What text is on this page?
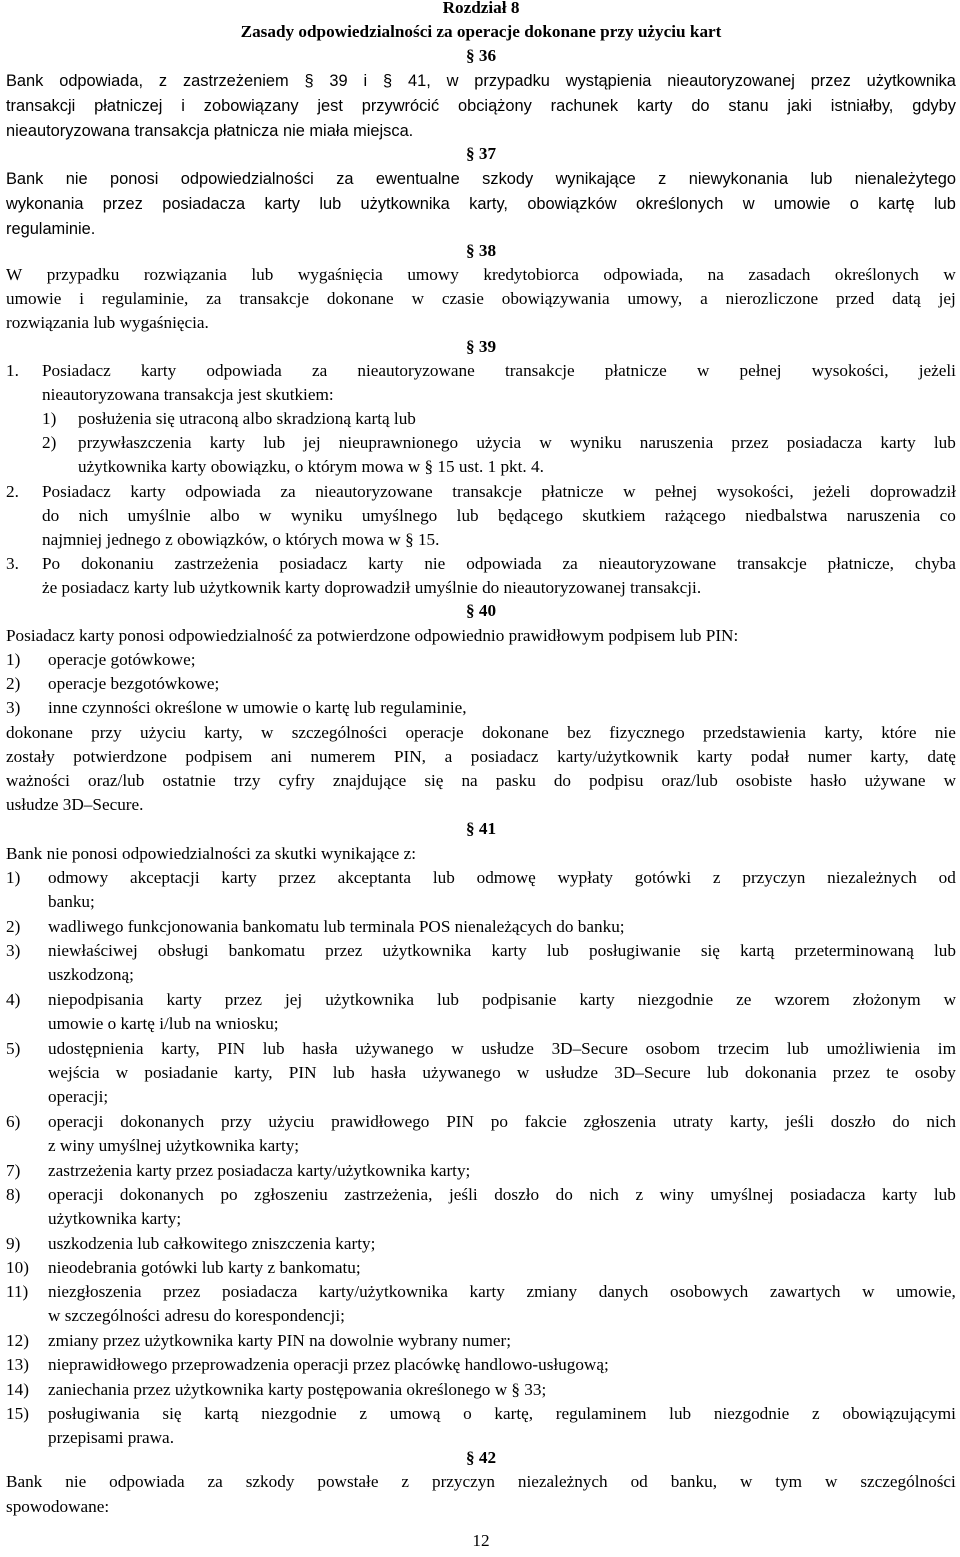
Rozdział 8
Zasady odpowiedzialności za operacje dokonane przy użyciu kart
§ 36
Bank odpowiada, z zastrzeżeniem § 39 i § 41, w przypadku wystąpienia nieautoryzowanej przez użytkownika
transakcji płatniczej i zobowiązany jest przywrócić obciążony rachunek karty do stanu jaki istniałby, gdyby
nieautoryzowana transakcja płatnicza nie miała miejsca.
§ 37
Bank nie ponosi odpowiedzialności za ewentualne szkody wynikające z niewykonania lub nienależytego
wykonania przez posiadacza karty lub użytkownika karty, obowiązków określonych w umowie o kartę lub
regulaminie.
§ 38
W przypadku rozwiązania lub wygaśnięcia umowy kredytobiorca odpowiada, na zasadach określonych w
umowie i regulaminie, za transakcje dokonane w czasie obowiązywania umowy, a nierozliczone przed datą jej
rozwiązania lub wygaśnięcia.
§ 39
1. Posiadacz karty odpowiada za nieautoryzowane transakcje płatnicze w pełnej wysokości, jeżeli
nieautoryzowana transakcja jest skutkiem:
1) posłużenia się utraconą albo skradzioną kartą lub
2) przywłaszczenia karty lub jej nieuprawnionego użycia w wyniku naruszenia przez posiadacza karty lub
użytkownika karty obowiązku, o którym mowa w § 15 ust. 1 pkt. 4.
2. Posiadacz karty odpowiada za nieautoryzowane transakcje płatnicze w pełnej wysokości, jeżeli doprowadził
do nich umyślnie albo w wyniku umyślnego lub będącego skutkiem rażącego niedbalstwa naruszenia co
najmniej jednego z obowiązków, o których mowa w § 15.
3. Po dokonaniu zastrzeżenia posiadacz karty nie odpowiada za nieautoryzowane transakcje płatnicze, chyba
że posiadacz karty lub użytkownik karty doprowadził umyślnie do nieautoryzowanej transakcji.
§ 40
Posiadacz karty ponosi odpowiedzialność za potwierdzone odpowiednio prawidłowym podpisem lub PIN:
1) operacje gotówkowe;
2) operacje bezgotówkowe;
3) inne czynności określone w umowie o kartę lub regulaminie,
dokonane przy użyciu karty, w szczególności operacje dokonane bez fizycznego przedstawienia karty, które nie
zostały potwierdzone podpisem ani numerem PIN, a posiadacz karty/użytkownik karty podał numer karty, datę
ważności oraz/lub ostatnie trzy cyfry znajdujące się na pasku do podpisu oraz/lub osobiste hasło używane w
usłudze 3D–Secure.
§ 41
Bank nie ponosi odpowiedzialności za skutki wynikające z:
1) odmowy akceptacji karty przez akceptanta lub odmowę wypłaty gotówki z przyczyn niezależnych od
banku;
2) wadliwego funkcjonowania bankomatu lub terminala POS nienależących do banku;
3) niewłaściwej obsługi bankomatu przez użytkownika karty lub posługiwanie się kartą przeterminowaną lub
uszkodzoną;
4) niepodpisania karty przez jej użytkownika lub podpisanie karty niezgodnie ze wzorem złożonym w
umowie o kartę i/lub na wniosku;
5) udostępnienia karty, PIN lub hasła używanego w usłudze 3D–Secure osobom trzecim lub umożliwienia im
wejścia w posiadanie karty, PIN lub hasła używanego w usłudze 3D–Secure lub dokonania przez te osoby
operacji;
6) operacji dokonanych przy użyciu prawidłowego PIN po fakcie zgłoszenia utraty karty, jeśli doszło do nich
z winy umyślnej użytkownika karty;
7) zastrzeżenia karty przez posiadacza karty/użytkownika karty;
8) operacji dokonanych po zgłoszeniu zastrzeżenia, jeśli doszło do nich z winy umyślnej posiadacza karty lub
użytkownika karty;
9) uszkodzenia lub całkowitego zniszczenia karty;
10) nieodebrania gotówki lub karty z bankomatu;
11) niezgłoszenia przez posiadacza karty/użytkownika karty zmiany danych osobowych zawartych w umowie,
w szczególności adresu do korespondencji;
12) zmiany przez użytkownika karty PIN na dowolnie wybrany numer;
13) nieprawidłowego przeprowadzenia operacji przez placówkę handlowo-usługową;
14) zaniechania przez użytkownika karty postępowania określonego w § 33;
15) posługiwania się kartą niezgodnie z umową o kartę, regulaminem lub niezgodnie z obowiązującymi
przepisami prawa.
§ 42
Bank nie odpowiada za szkody powstałe z przyczyn niezależnych od banku, w tym w szczególności
spowodowane:
12
